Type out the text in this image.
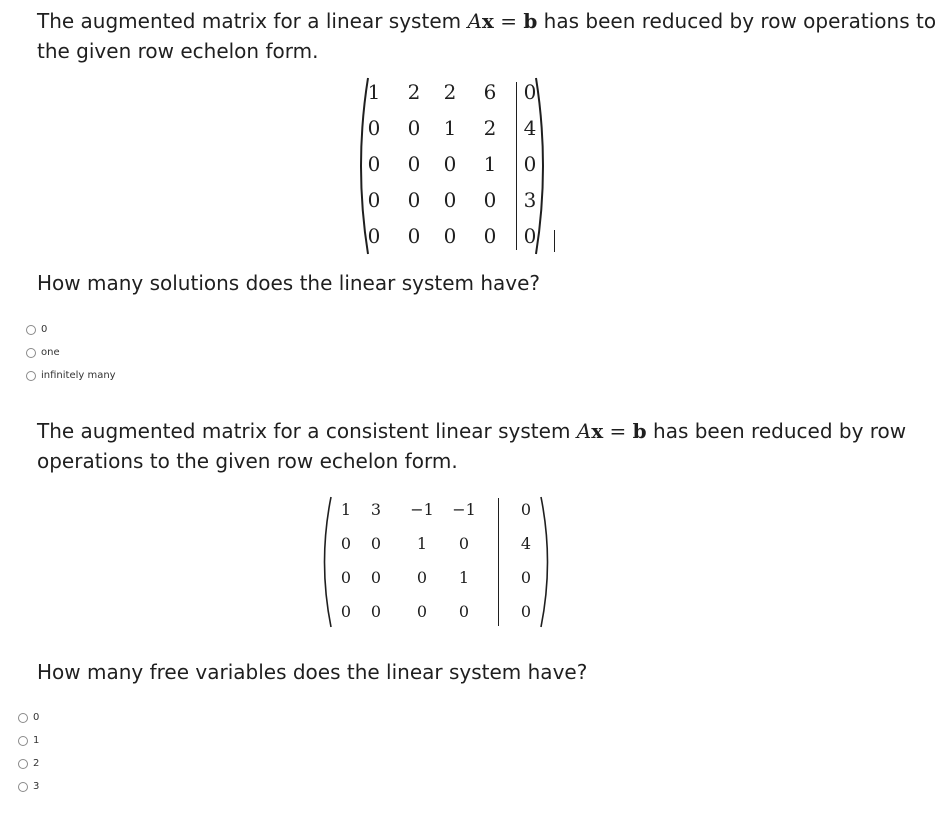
The augmented matrix for a linear system Ax = b has been reduced by row operations to
the given row echelon form.
1	2	2	6	0
0	0	1	2	4
0	0	0	1	0
0	0	0	0	3
0	0	0	0	0
How many solutions does the linear system have?
0
one
infinitely many
The augmented matrix for a consistent linear system Ax = b has been reduced by row
operations to the given row echelon form.
1	3	−1	−1	0
0	0	1	0	4
0	0	0	1	0
0	0	0	0	0
How many free variables does the linear system have?
0
1
2
3
